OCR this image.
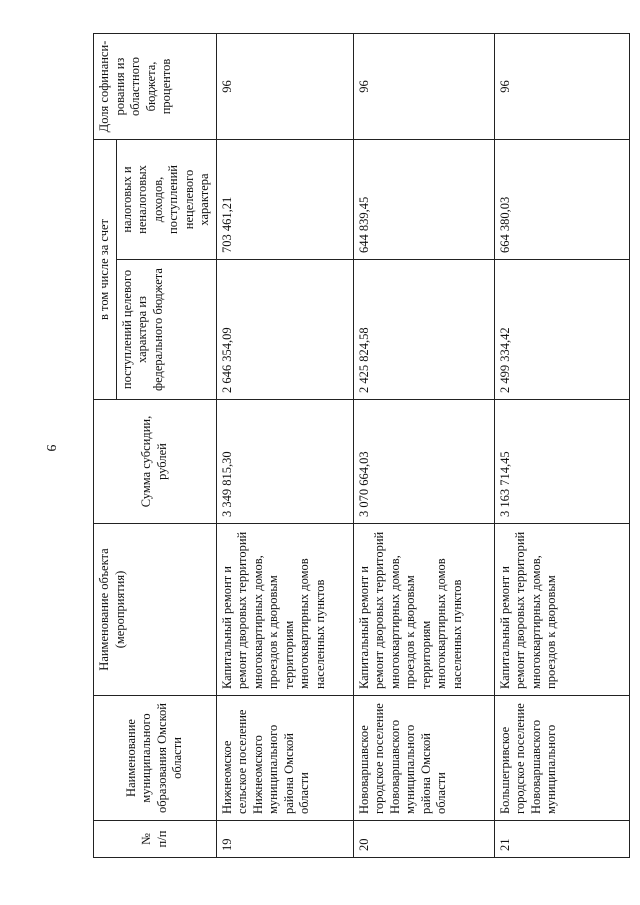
9
№ п/п	Наименование муниципального образования Омской области	Наименование объекта (мероприятия)	Сумма субсидии, рублей	в том числе за счет		Доля софинанси-рования из областного бюджета, процентов
				поступлений целевого характера из федерального бюджета	налоговых и неналоговых доходов, поступлений нецелевого характера	
19	Нижнеомское сельское поселение Нижнеомского муниципального района Омской области	Капитальный ремонт и ремонт дворовых территорий многоквартирных домов, проездов к дворовым территориям многоквартирных домов населенных пунктов	3 349 815,30	2 646 354,09	703 461,21	96
20	Нововаршавское городское поселение Нововаршавского муниципального района Омской области	Капитальный ремонт и ремонт дворовых территорий многоквартирных домов, проездов к дворовым территориям многоквартирных домов населенных пунктов	3 070 664,03	2 425 824,58	644 839,45	96
21	Большегривское городское поселение Нововаршавского муниципального	Капитальный ремонт и ремонт дворовых территорий многоквартирных домов, проездов к дворовым	3 163 714,45	2 499 334,42	664 380,03	96
